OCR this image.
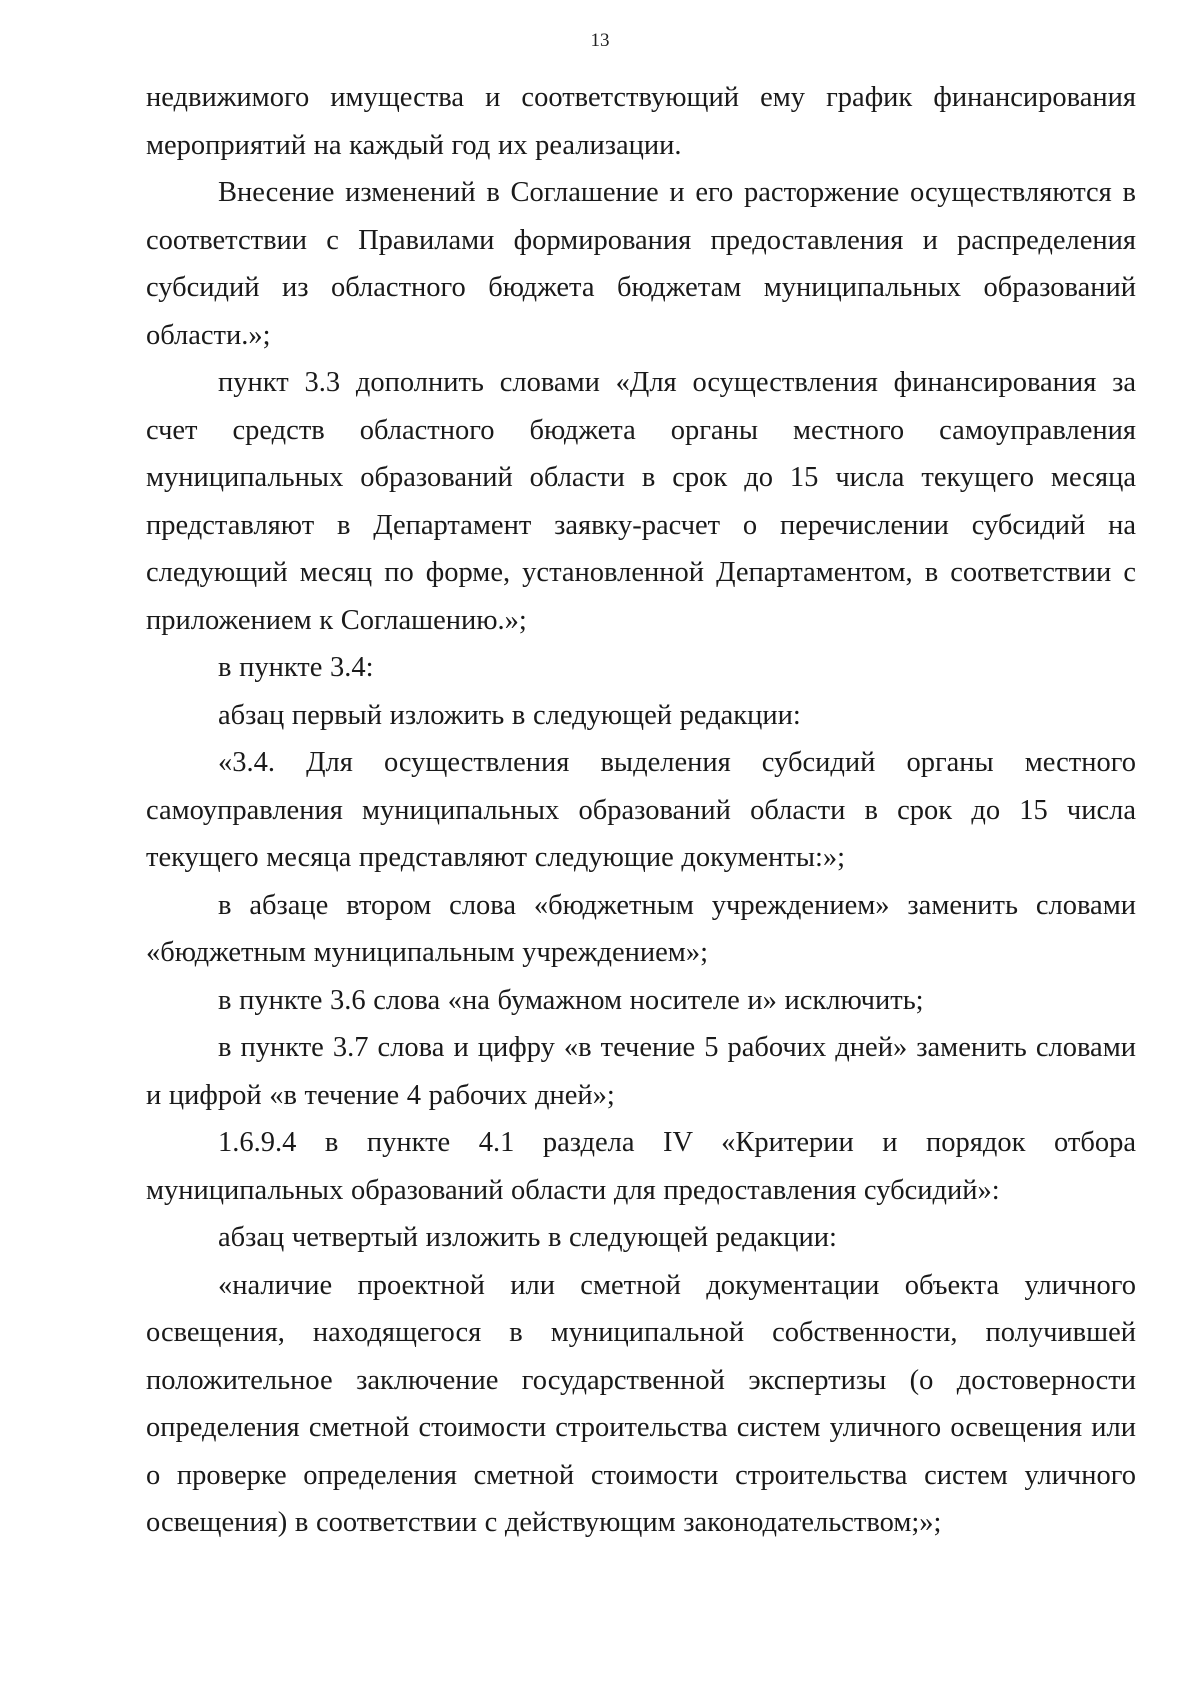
13

недвижимого имущества и соответствующий ему график финансирования мероприятий на каждый год их реализации.

Внесение изменений в Соглашение и его расторжение осуществляются в соответствии с Правилами формирования предоставления и распределения субсидий из областного бюджета бюджетам муниципальных образований области.»;

пункт 3.3 дополнить словами «Для осуществления финансирования за счет средств областного бюджета органы местного самоуправления муниципальных образований области в срок до 15 числа текущего месяца представляют в Департамент заявку-расчет о перечислении субсидий на следующий месяц по форме, установленной Департаментом, в соответствии с приложением к Соглашению.»;

в пункте 3.4:

абзац первый изложить в следующей редакции:

«3.4. Для осуществления выделения субсидий органы местного самоуправления муниципальных образований области в срок до 15 числа текущего месяца представляют следующие документы:»;

в абзаце втором слова «бюджетным учреждением» заменить словами «бюджетным муниципальным учреждением»;

в пункте 3.6 слова «на бумажном носителе и» исключить;

в пункте 3.7 слова и цифру «в течение 5 рабочих дней» заменить словами и цифрой «в течение 4 рабочих дней»;

1.6.9.4 в пункте 4.1 раздела IV «Критерии и порядок отбора муниципальных образований области для предоставления субсидий»:

абзац четвертый изложить в следующей редакции:

«наличие проектной или сметной документации объекта уличного освещения, находящегося в муниципальной собственности, получившей положительное заключение государственной экспертизы (о достоверности определения сметной стоимости строительства систем уличного освещения или о проверке определения сметной стоимости строительства систем уличного освещения) в соответствии с действующим законодательством;»;
